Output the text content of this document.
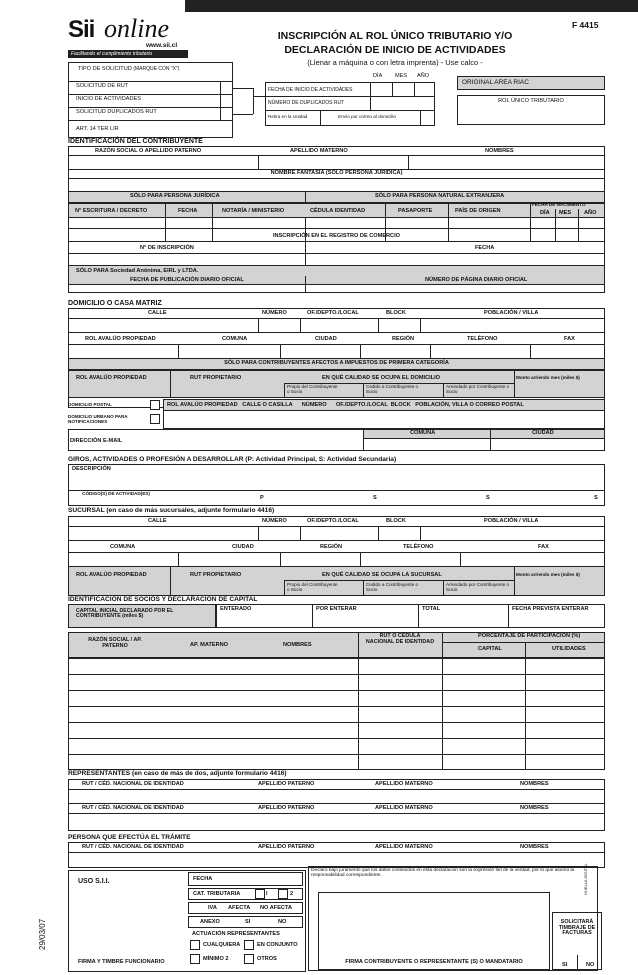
Sii online
www.sii.cl
Facilitando el cumplimiento tributario
INSCRIPCIÓN AL ROL ÚNICO TRIBUTARIO Y/O
DECLARACIÓN DE INICIO DE ACTIVIDADES
(Llenar a máquina o con letra imprenta) - Use calco -
F 4415
TIPO DE SOLICITUD (MARQUE CON "X")
SOLICITUD DE RUT
INICIO DE ACTIVIDADES
SOLICITUD DUPLICADOS RUT
ART. 14 TER LIR
DÍA MES AÑO
FECHA DE INICIO DE ACTIVIDADES
NÚMERO DE DUPLICADOS RUT
Retira en la Unidad	Envío por correo al domicilio
ORIGINAL AREA RIAC
ROL ÚNICO TRIBUTARIO
IDENTIFICACIÓN DEL CONTRIBUYENTE
RAZÓN SOCIAL O APELLIDO PATERNO	APELLIDO MATERNO	NOMBRES
NOMBRE FANTASÍA (SÓLO PERSONA JURÍDICA)
SÓLO PARA PERSONA JURÍDICA	SÓLO PARA PERSONA NATURAL EXTRANJERA
N° ESCRITURA / DECRETO	FECHA	NOTARÍA / MINISTERIO	CÉDULA IDENTIDAD	PASAPORTE	PAÍS DE ORIGEN
FECHA DE NACIMIENTO
DÍA MES AÑO
INSCRIPCIÓN EN EL REGISTRO DE COMERCIO
N° DE INSCRIPCIÓN	FECHA
SÓLO PARA Sociedad Anónima, EIRL y LTDA.
FECHA DE PUBLICACIÓN DIARIO OFICIAL	NÚMERO DE PÁGINA DIARIO OFICIAL
DOMICILIO O CASA MATRIZ
CALLE	NÚMERO	OF./DEPTO./LOCAL	BLOCK	POBLACIÓN / VILLA
ROL AVALÚO PROPIEDAD	COMUNA	CIUDAD	REGIÓN	TELÉFONO	FAX
SÓLO PARA CONTRIBUYENTES AFECTOS A IMPUESTOS DE PRIMERA CATEGORÍA
ROL AVALÚO PROPIEDAD	RUT PROPIETARIO	EN QUÉ CALIDAD SE OCUPA EL DOMICILIO	Monto arriendo mes (miles $)
Propio del Contribuyente o Socio
Cedido a Contribuyente o Socio
Arrendado por Contribuyente o Socio
DOMICILIO POSTAL
DOMICILIO URBANO PARA NOTIFICACIONES
ROL AVALÚO PROPIEDAD   CALLE O CASILLA      NÚMERO      OF./DEPTO./LOCAL  BLOCK   POBLACIÓN, VILLA O CORREO POSTAL
COMUNA	CIUDAD
DIRECCIÓN E-MAIL
GIROS, ACTIVIDADES O PROFESIÓN A DESARROLLAR (P: Actividad Principal, S: Actividad Secundaria)
DESCRIPCIÓN
CÓDIGO(S) DE ACTIVIDAD(ES)
P	S	S	S
SUCURSAL (en caso de más sucursales, adjunte formulario 4416)
CALLE	NÚMERO	OF./DEPTO./LOCAL	BLOCK	POBLACIÓN / VILLA
COMUNA	CIUDAD	REGIÓN	TELÉFONO	FAX
ROL AVALÚO PROPIEDAD	RUT PROPIETARIO	EN QUÉ CALIDAD SE OCUPA LA SUCURSAL	Monto arriendo mes (miles $)
Propio del Contribuyente o Socio
Cedido a Contribuyente o Socio
Arrendado por Contribuyente o Socio
IDENTIFICACIÓN DE SOCIOS Y DECLARACIÓN DE CAPITAL
CAPITAL INICIAL DECLARADO POR EL CONTRIBUYENTE (miles $)
ENTERADO	POR ENTERAR	TOTAL	FECHA PREVISTA ENTERAR
RAZÓN SOCIAL / AP. PATERNO	AP. MATERNO	NOMBRES
RUT O CÉDULA NACIONAL DE IDENTIDAD
PORCENTAJE DE PARTICIPACIÓN (%)
CAPITAL	UTILIDADES
REPRESENTANTES (en caso de más de dos, adjunte formulario 4416)
RUT / CÉD. NACIONAL DE IDENTIDAD	APELLIDO PATERNO	APELLIDO MATERNO	NOMBRES
RUT / CÉD. NACIONAL DE IDENTIDAD	APELLIDO PATERNO	APELLIDO MATERNO	NOMBRES
PERSONA QUE EFECTÚA EL TRÁMITE
RUT / CÉD. NACIONAL DE IDENTIDAD	APELLIDO PATERNO	APELLIDO MATERNO	NOMBRES
USO S.I.I.	FECHA
CAT. TRIBUTARIA	I	2
IVA AFECTA NO AFECTA
ANEXO	SI	NO
ACTUACIÓN REPRESENTANTES
CUALQUIERA	EN CONJUNTO
MÍNIMO 2	OTROS
FIRMA Y TIMBRE FUNCIONARIO
Declaro bajo juramento que los datos contenidos en esta declaración son la expresión fiel de la verdad, por lo que asumo la responsabilidad correspondiente.
FIRMA CONTRIBUYENTE O REPRESENTANTE (S) O MANDATARIO
SOLICITARÁ TIMBRAJE DE FACTURAS
SI	NO
HUELLA DIGITAL
29/03/07
